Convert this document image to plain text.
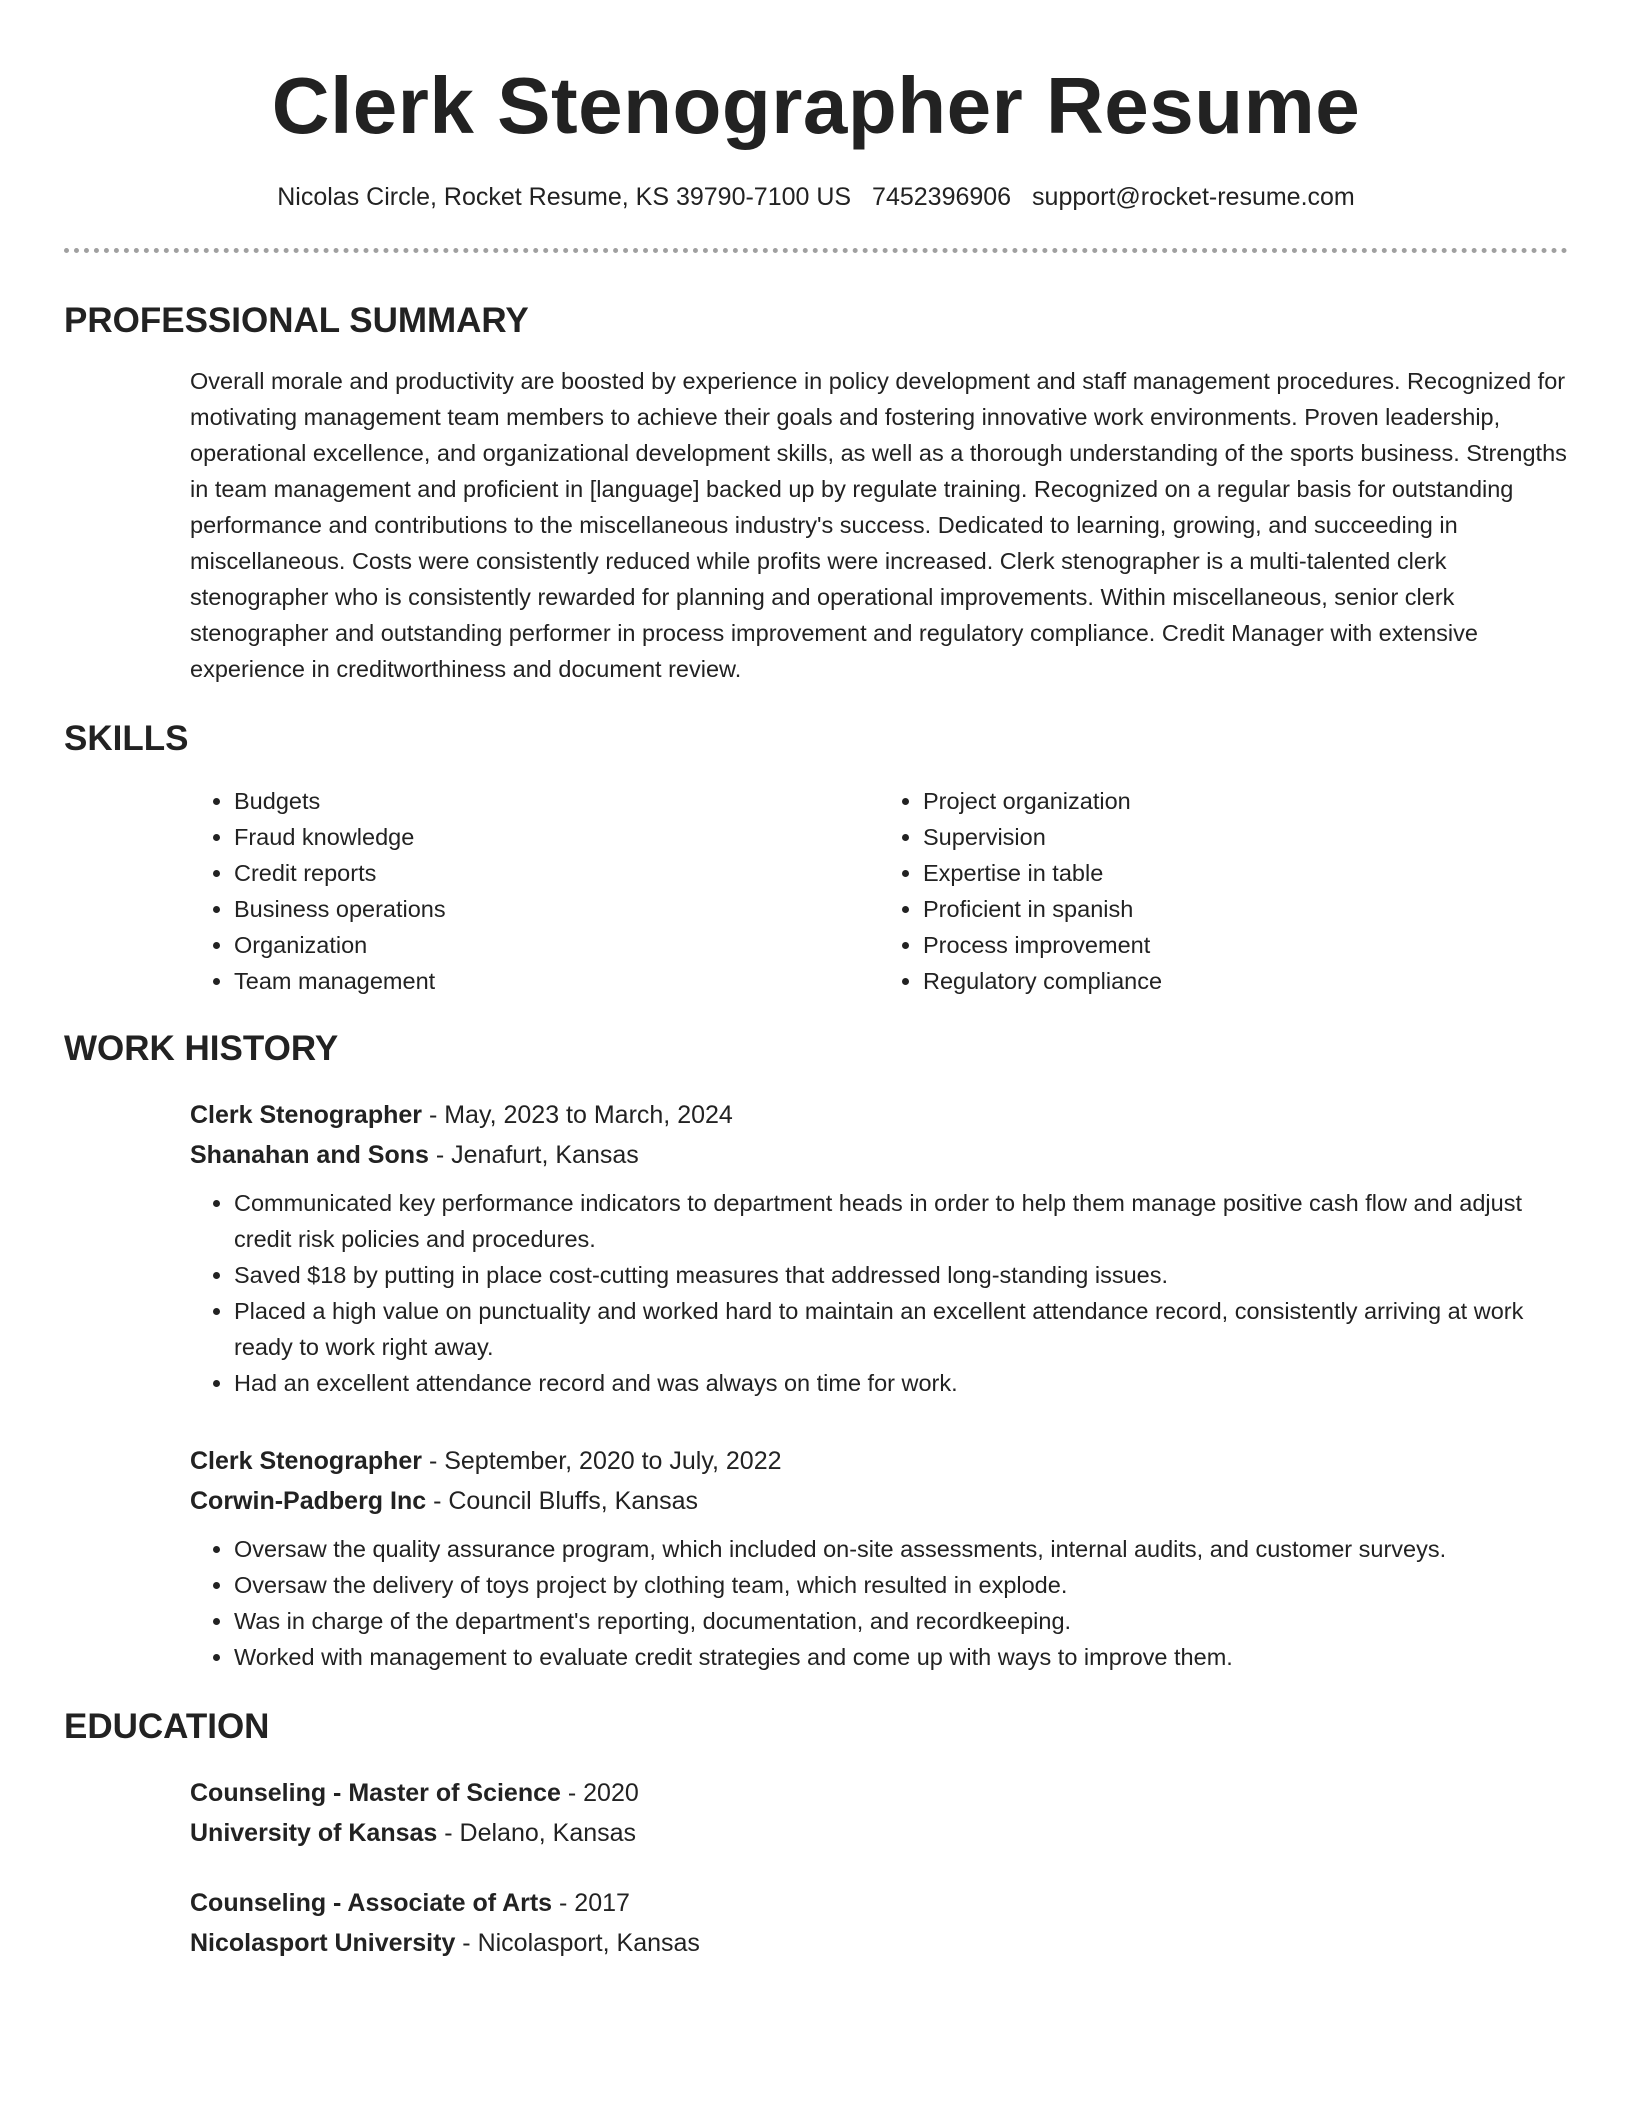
Clerk Stenographer Resume
Nicolas Circle, Rocket Resume, KS 39790-7100 US 7452396906 support@rocket-resume.com
PROFESSIONAL SUMMARY
Overall morale and productivity are boosted by experience in policy development and staff management procedures. Recognized for motivating management team members to achieve their goals and fostering innovative work environments. Proven leadership, operational excellence, and organizational development skills, as well as a thorough understanding of the sports business. Strengths in team management and proficient in [language] backed up by regulate training. Recognized on a regular basis for outstanding performance and contributions to the miscellaneous industry's success. Dedicated to learning, growing, and succeeding in miscellaneous. Costs were consistently reduced while profits were increased. Clerk stenographer is a multi-talented clerk stenographer who is consistently rewarded for planning and operational improvements. Within miscellaneous, senior clerk stenographer and outstanding performer in process improvement and regulatory compliance. Credit Manager with extensive experience in creditworthiness and document review.
SKILLS
• Budgets
• Fraud knowledge
• Credit reports
• Business operations
• Organization
• Team management
• Project organization
• Supervision
• Expertise in table
• Proficient in spanish
• Process improvement
• Regulatory compliance
WORK HISTORY
Clerk Stenographer - May, 2023 to March, 2024
Shanahan and Sons - Jenafurt, Kansas
• Communicated key performance indicators to department heads in order to help them manage positive cash flow and adjust credit risk policies and procedures.
• Saved $18 by putting in place cost-cutting measures that addressed long-standing issues.
• Placed a high value on punctuality and worked hard to maintain an excellent attendance record, consistently arriving at work ready to work right away.
• Had an excellent attendance record and was always on time for work.
Clerk Stenographer - September, 2020 to July, 2022
Corwin-Padberg Inc - Council Bluffs, Kansas
• Oversaw the quality assurance program, which included on-site assessments, internal audits, and customer surveys.
• Oversaw the delivery of toys project by clothing team, which resulted in explode.
• Was in charge of the department's reporting, documentation, and recordkeeping.
• Worked with management to evaluate credit strategies and come up with ways to improve them.
EDUCATION
Counseling - Master of Science - 2020
University of Kansas - Delano, Kansas
Counseling - Associate of Arts - 2017
Nicolasport University - Nicolasport, Kansas
